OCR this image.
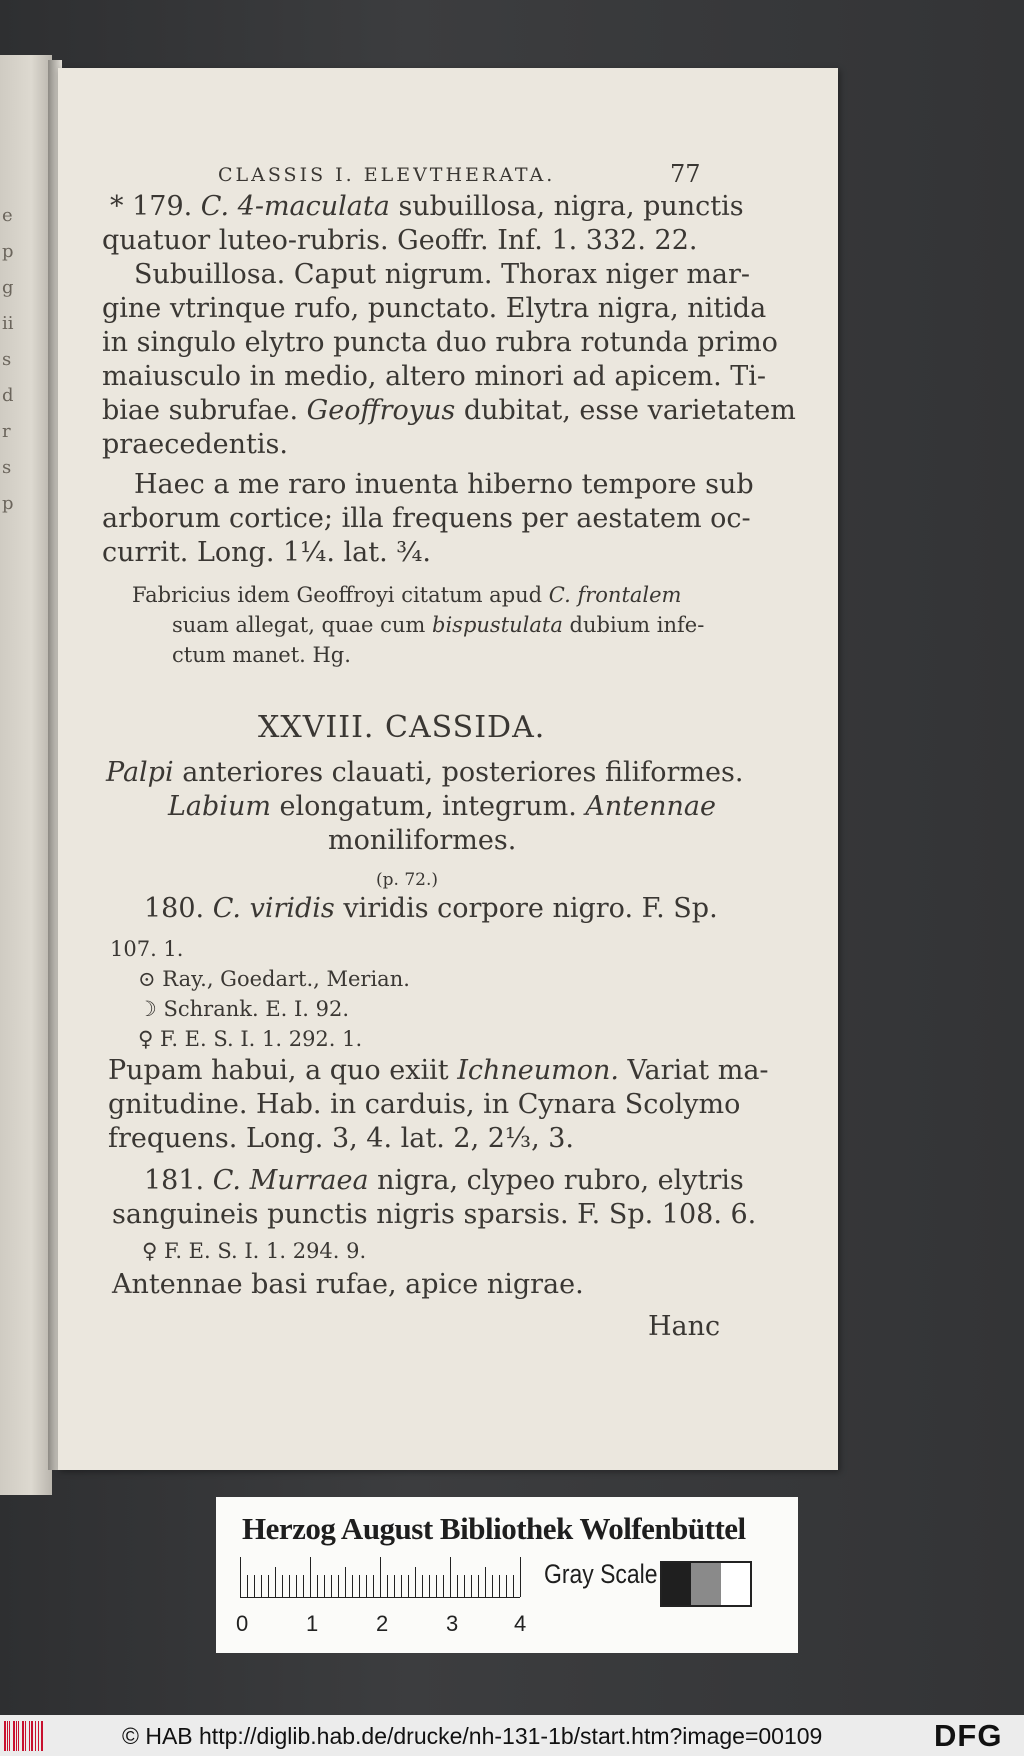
e
p
g
ii
s
d
r
s
p

CLASSIS I. ELEVTHERATA.	77

* 179. C. 4-maculata subuillosa, nigra, punctis

quatuor luteo-rubris. Geoffr. Inf. 1. 332. 22.

Subuillosa. Caput nigrum. Thorax niger mar-

gine vtrinque rufo, punctato. Elytra nigra, nitida

in singulo elytro puncta duo rubra rotunda primo

maiusculo in medio, altero minori ad apicem. Ti-

biae subrufae. Geoffroyus dubitat, esse varietatem

praecedentis.

Haec a me raro inuenta hiberno tempore sub

arborum cortice; illa frequens per aestatem oc-

currit. Long. 1¼. lat. ¾.

Fabricius idem Geoffroyi citatum apud C. frontalem

suam allegat, quae cum bispustulata dubium infe-

ctum manet. Hg.

XXVIII. CASSIDA.

Palpi anteriores clauati, posteriores filiformes.

Labium elongatum, integrum. Antennae

moniliformes.

(p. 72.)

180. C. viridis viridis corpore nigro. F. Sp.

107. 1.

⊙ Ray., Goedart., Merian.

☽ Schrank. E. I. 92.

♀ F. E. S. I. 1. 292. 1.

Pupam habui, a quo exiit Ichneumon. Variat ma-

gnitudine. Hab. in carduis, in Cynara Scolymo

frequens. Long. 3, 4. lat. 2, 2⅓, 3.

181. C. Murraea nigra, clypeo rubro, elytris

sanguineis punctis nigris sparsis. F. Sp. 108. 6.

♀ F. E. S. I. 1. 294. 9.

Antennae basi rufae, apice nigrae.

Hanc

Herzog August Bibliothek Wolfenbüttel
0	1	2	3	4
Gray Scale
© HAB http://diglib.hab.de/drucke/nh-131-1b/start.htm?image=00109	DFG
